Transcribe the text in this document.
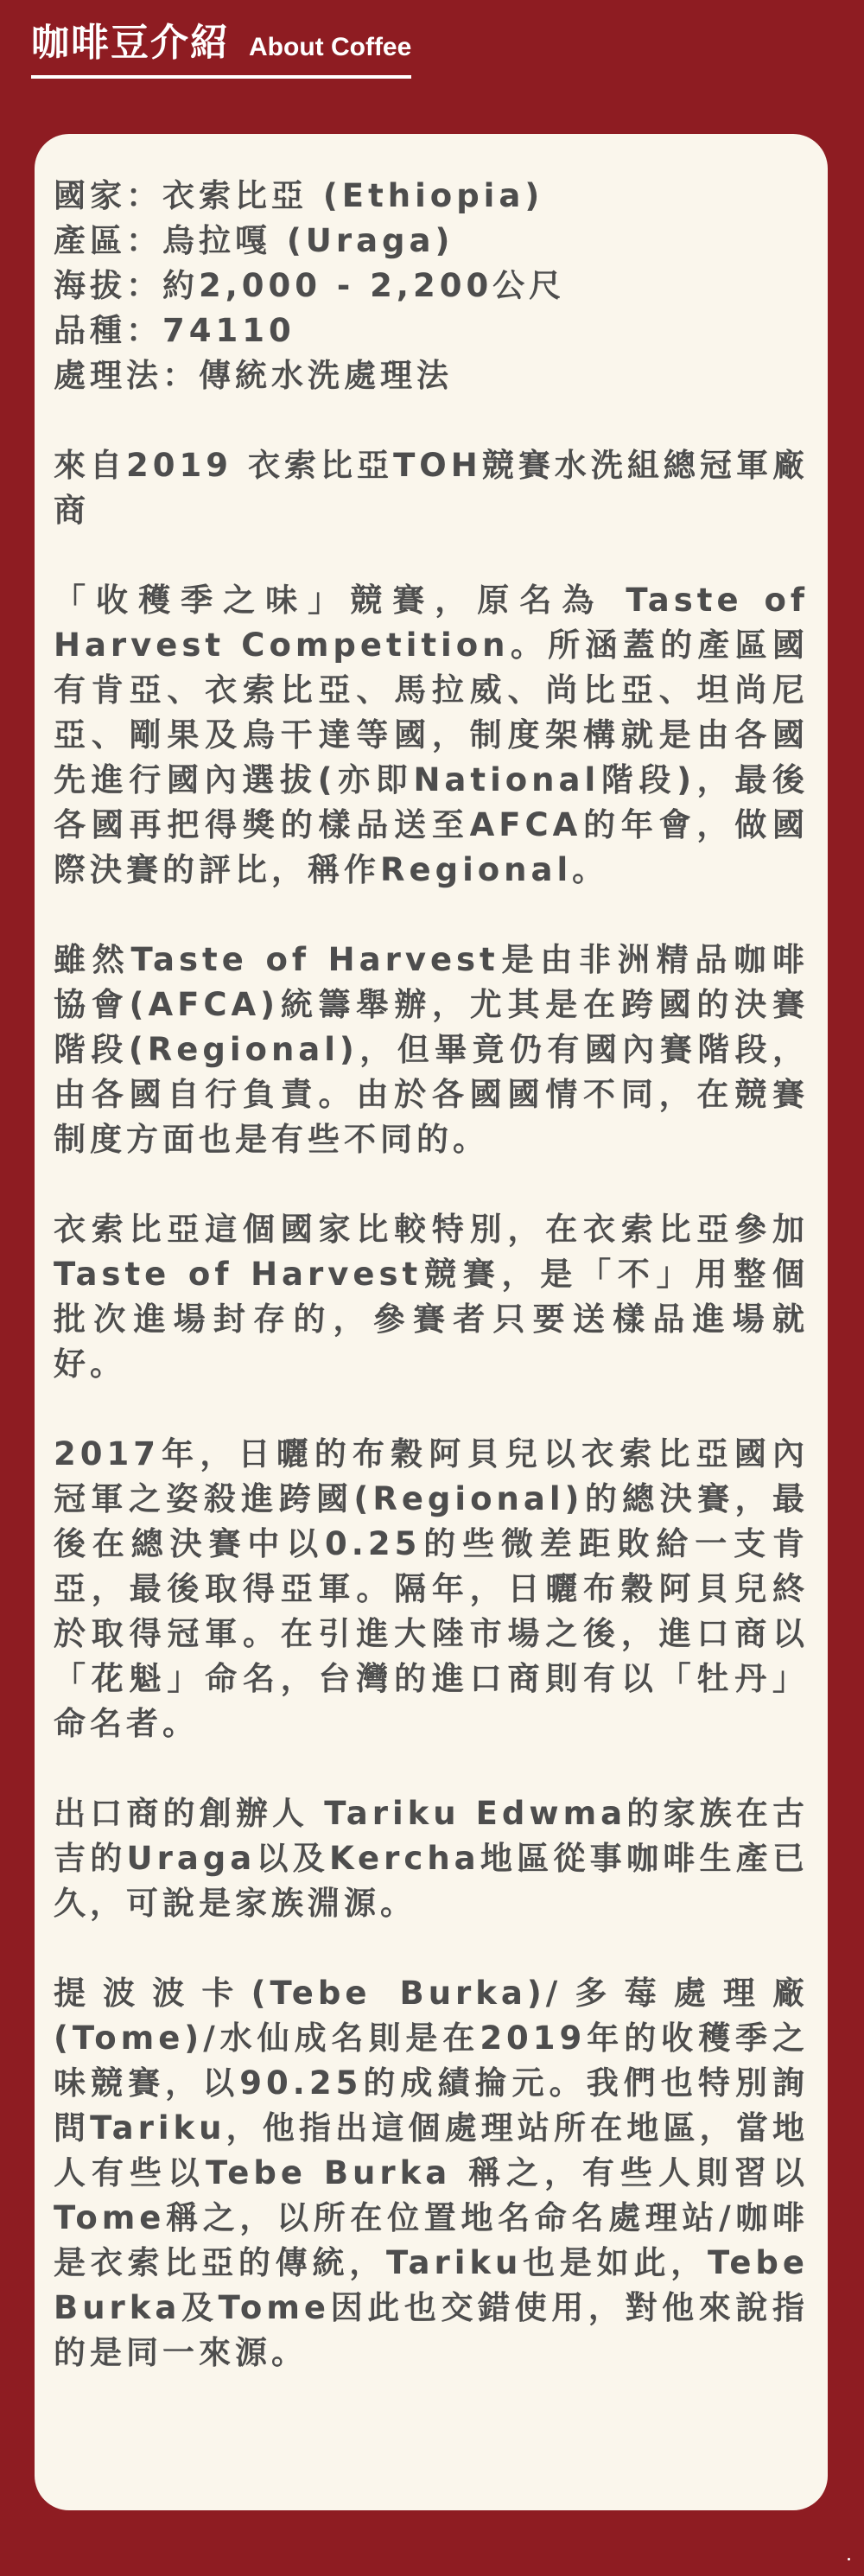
咖啡豆介紹 About Coffee

國家：衣索比亞 (Ethiopia)

產區：烏拉嘎 (Uraga)

海拔：約2,000 - 2,200公尺

品種：74110

處理法：傳統水洗處理法

來自2019 衣索比亞TOH競賽水洗組總冠軍廠商

「收穫季之味」競賽，原名為 Taste of Harvest Competition。所涵蓋的產區國有肯亞、衣索比亞、馬拉威、尚比亞、坦尚尼亞、剛果及烏干達等國，制度架構就是由各國先進行國內選拔(亦即National階段)，最後各國再把得獎的樣品送至AFCA的年會，做國際決賽的評比，稱作Regional。

雖然Taste of Harvest是由非洲精品咖啡協會(AFCA)統籌舉辦，尤其是在跨國的決賽階段(Regional)，但畢竟仍有國內賽階段，由各國自行負責。由於各國國情不同，在競賽制度方面也是有些不同的。

衣索比亞這個國家比較特別，在衣索比亞參加Taste of Harvest競賽，是「不」用整個批次進場封存的，參賽者只要送樣品進場就好。

2017年，日曬的布穀阿貝兒以衣索比亞國內冠軍之姿殺進跨國(Regional)的總決賽，最後在總決賽中以0.25的些微差距敗給一支肯亞，最後取得亞軍。隔年，日曬布穀阿貝兒終於取得冠軍。在引進大陸市場之後，進口商以「花魁」命名，台灣的進口商則有以「牡丹」命名者。

出口商的創辦人 Tariku Edwma的家族在古吉的Uraga以及Kercha地區從事咖啡生產已久，可說是家族淵源。

提波波卡(Tebe Burka)/多莓處理廠(Tome)/水仙成名則是在2019年的收穫季之味競賽，以90.25的成績掄元。我們也特別詢問Tariku，他指出這個處理站所在地區，當地人有些以Tebe Burka 稱之，有些人則習以Tome稱之，以所在位置地名命名處理站/咖啡是衣索比亞的傳統，Tariku也是如此，Tebe Burka及Tome因此也交錯使用，對他來說指的是同一來源。
